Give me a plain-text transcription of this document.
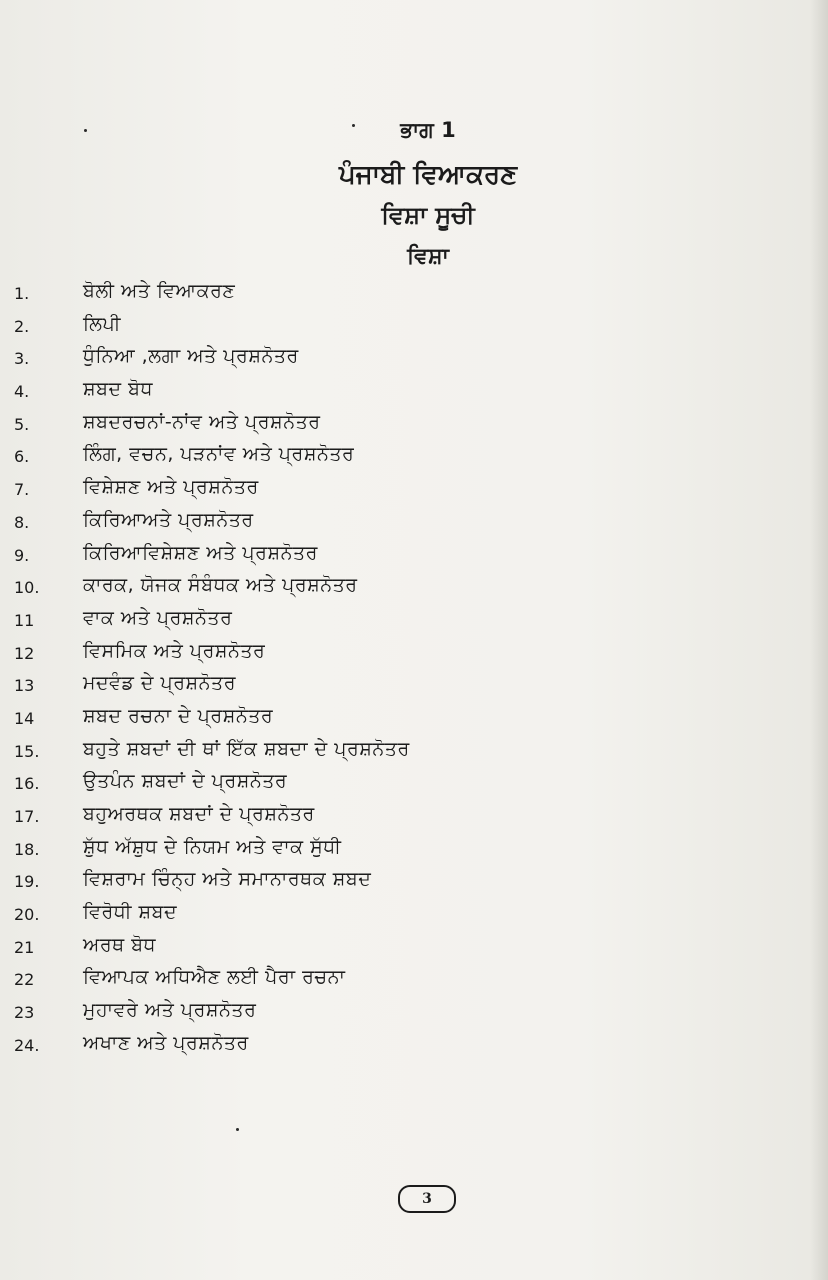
ਭਾਗ 1
ਪੰਜਾਬੀ ਵਿਆਕਰਣ
ਵਿਸ਼ਾ ਸੂਚੀ
ਵਿਸ਼ਾ
1.	ਬੋਲੀ ਅਤੇ ਵਿਆਕਰਣ
2.	ਲਿਪੀ
3.	ਧੁੰਨਿਆ ,ਲਗਾ ਅਤੇ ਪ੍ਰਸ਼ਨੋਤਰ
4.	ਸ਼ਬਦ ਬੋਧ
5.	ਸ਼ਬਦਰਚਨਾਂ-ਨਾਂਵ ਅਤੇ ਪ੍ਰਸ਼ਨੋਤਰ
6.	ਲਿੰਗ, ਵਚਨ, ਪੜਨਾਂਵ ਅਤੇ ਪ੍ਰਸ਼ਨੋਤਰ
7.	ਵਿਸ਼ੇਸ਼ਣ ਅਤੇ ਪ੍ਰਸ਼ਨੋਤਰ
8.	ਕਿਰਿਆਅਤੇ ਪ੍ਰਸ਼ਨੋਤਰ
9.	ਕਿਰਿਆਵਿਸ਼ੇਸ਼ਣ ਅਤੇ ਪ੍ਰਸ਼ਨੋਤਰ
10. ਕਾਰਕ, ਯੋਜਕ ਸੰਬੰਧਕ ਅਤੇ ਪ੍ਰਸ਼ਨੋਤਰ
11	ਵਾਕ ਅਤੇ ਪ੍ਰਸ਼ਨੋਤਰ
12	ਵਿਸਮਿਕ ਅਤੇ ਪ੍ਰਸ਼ਨੋਤਰ
13	ਮਦਵੰਡ ਦੇ ਪ੍ਰਸ਼ਨੋਤਰ
14	ਸ਼ਬਦ ਰਚਨਾ ਦੇ ਪ੍ਰਸ਼ਨੋਤਰ
15. ਬਹੁਤੇ ਸ਼ਬਦਾਂ ਦੀ ਥਾਂ ਇੱਕ ਸ਼ਬਦਾ ਦੇ ਪ੍ਰਸ਼ਨੋਤਰ
16. ਉਤਪੰਨ ਸ਼ਬਦਾਂ ਦੇ ਪ੍ਰਸ਼ਨੋਤਰ
17. ਬਹੁਅਰਥਕ ਸ਼ਬਦਾਂ ਦੇ ਪ੍ਰਸ਼ਨੋਤਰ
18. ਸ਼ੁੱਧ ਅੱਸ਼ੁਧ ਦੇ ਨਿਯਮ ਅਤੇ ਵਾਕ ਸੁੱਧੀ
19. ਵਿਸ਼ਰਾਮ ਚਿੰਨ੍ਹ ਅਤੇ ਸਮਾਨਾਰਥਕ ਸ਼ਬਦ
20. ਵਿਰੋਧੀ ਸ਼ਬਦ
21	ਅਰਥ ਬੋਧ
22	ਵਿਆਪਕ ਅਧਿਐਣ ਲਈ ਪੈਰਾ ਰਚਨਾ
23	ਮੁਹਾਵਰੇ ਅਤੇ ਪ੍ਰਸ਼ਨੋਤਰ
24. ਅਖਾਣ ਅਤੇ ਪ੍ਰਸ਼ਨੋਤਰ
3
